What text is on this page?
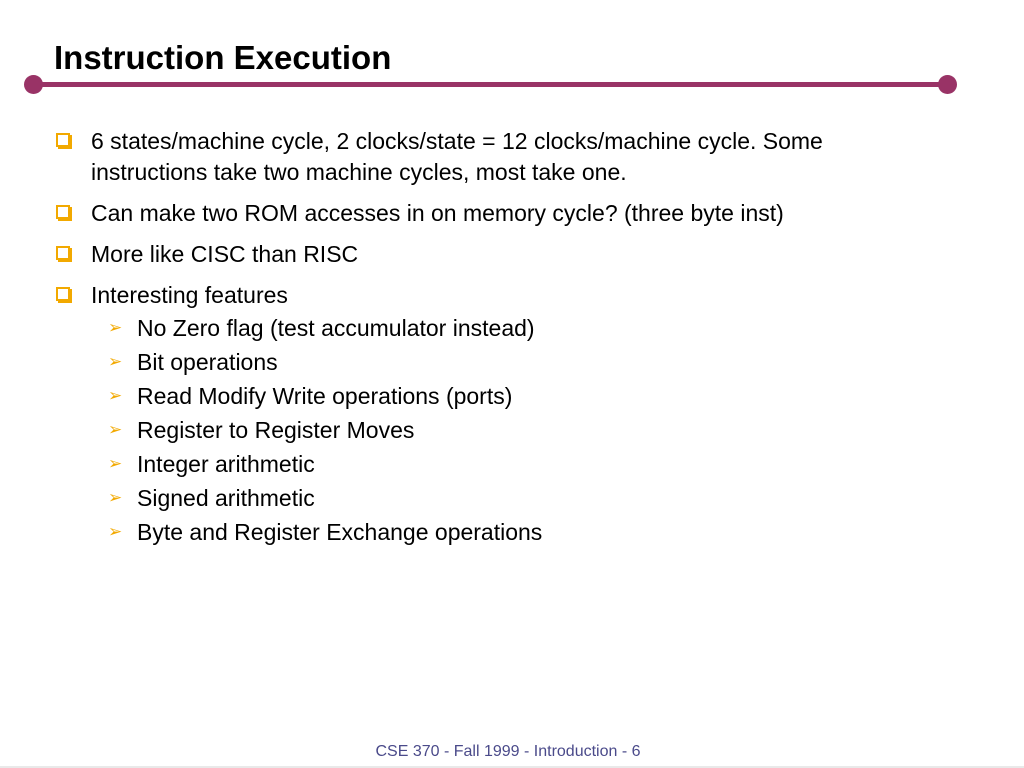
Instruction Execution
6 states/machine cycle, 2 clocks/state = 12 clocks/machine cycle. Some instructions take two machine cycles, most take one.
Can make two ROM accesses in on memory cycle? (three byte inst)
More like CISC than RISC
Interesting features
➢ No Zero flag (test accumulator instead)
➢ Bit operations
➢ Read Modify Write operations (ports)
➢ Register to Register Moves
➢ Integer arithmetic
➢ Signed arithmetic
➢ Byte and Register Exchange operations
CSE 370 - Fall 1999 - Introduction - 6
